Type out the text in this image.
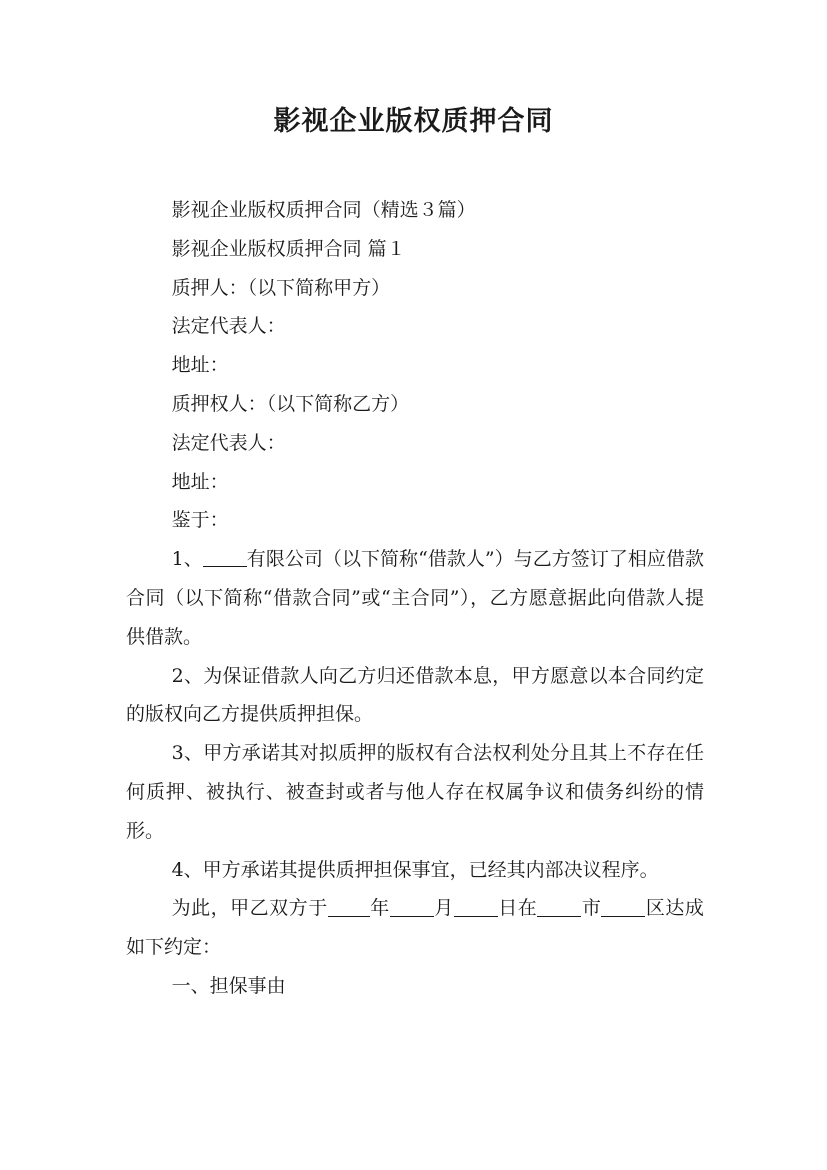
影视企业版权质押合同

影视企业版权质押合同（精选３篇）

影视企业版权质押合同 篇１

质押人：（以下简称甲方）

法定代表人：

地址：

质押权人：（以下简称乙方）

法定代表人：

地址：

鉴于：

1、 有限公司（以下简称“借款人”）与乙方签订了相应借款合同（以下简称“借款合同”或“主合同”），乙方愿意据此向借款人提供借款。

2、为保证借款人向乙方归还借款本息，甲方愿意以本合同约定的版权向乙方提供质押担保。

3、甲方承诺其对拟质押的版权有合法权利处分且其上不存在任何质押、被执行、被查封或者与他人存在权属争议和债务纠纷的情形。

4、甲方承诺其提供质押担保事宜，已经其内部决议程序。

为此，甲乙双方于 年 月 日在 市 区达成如下约定：

一、担保事由
